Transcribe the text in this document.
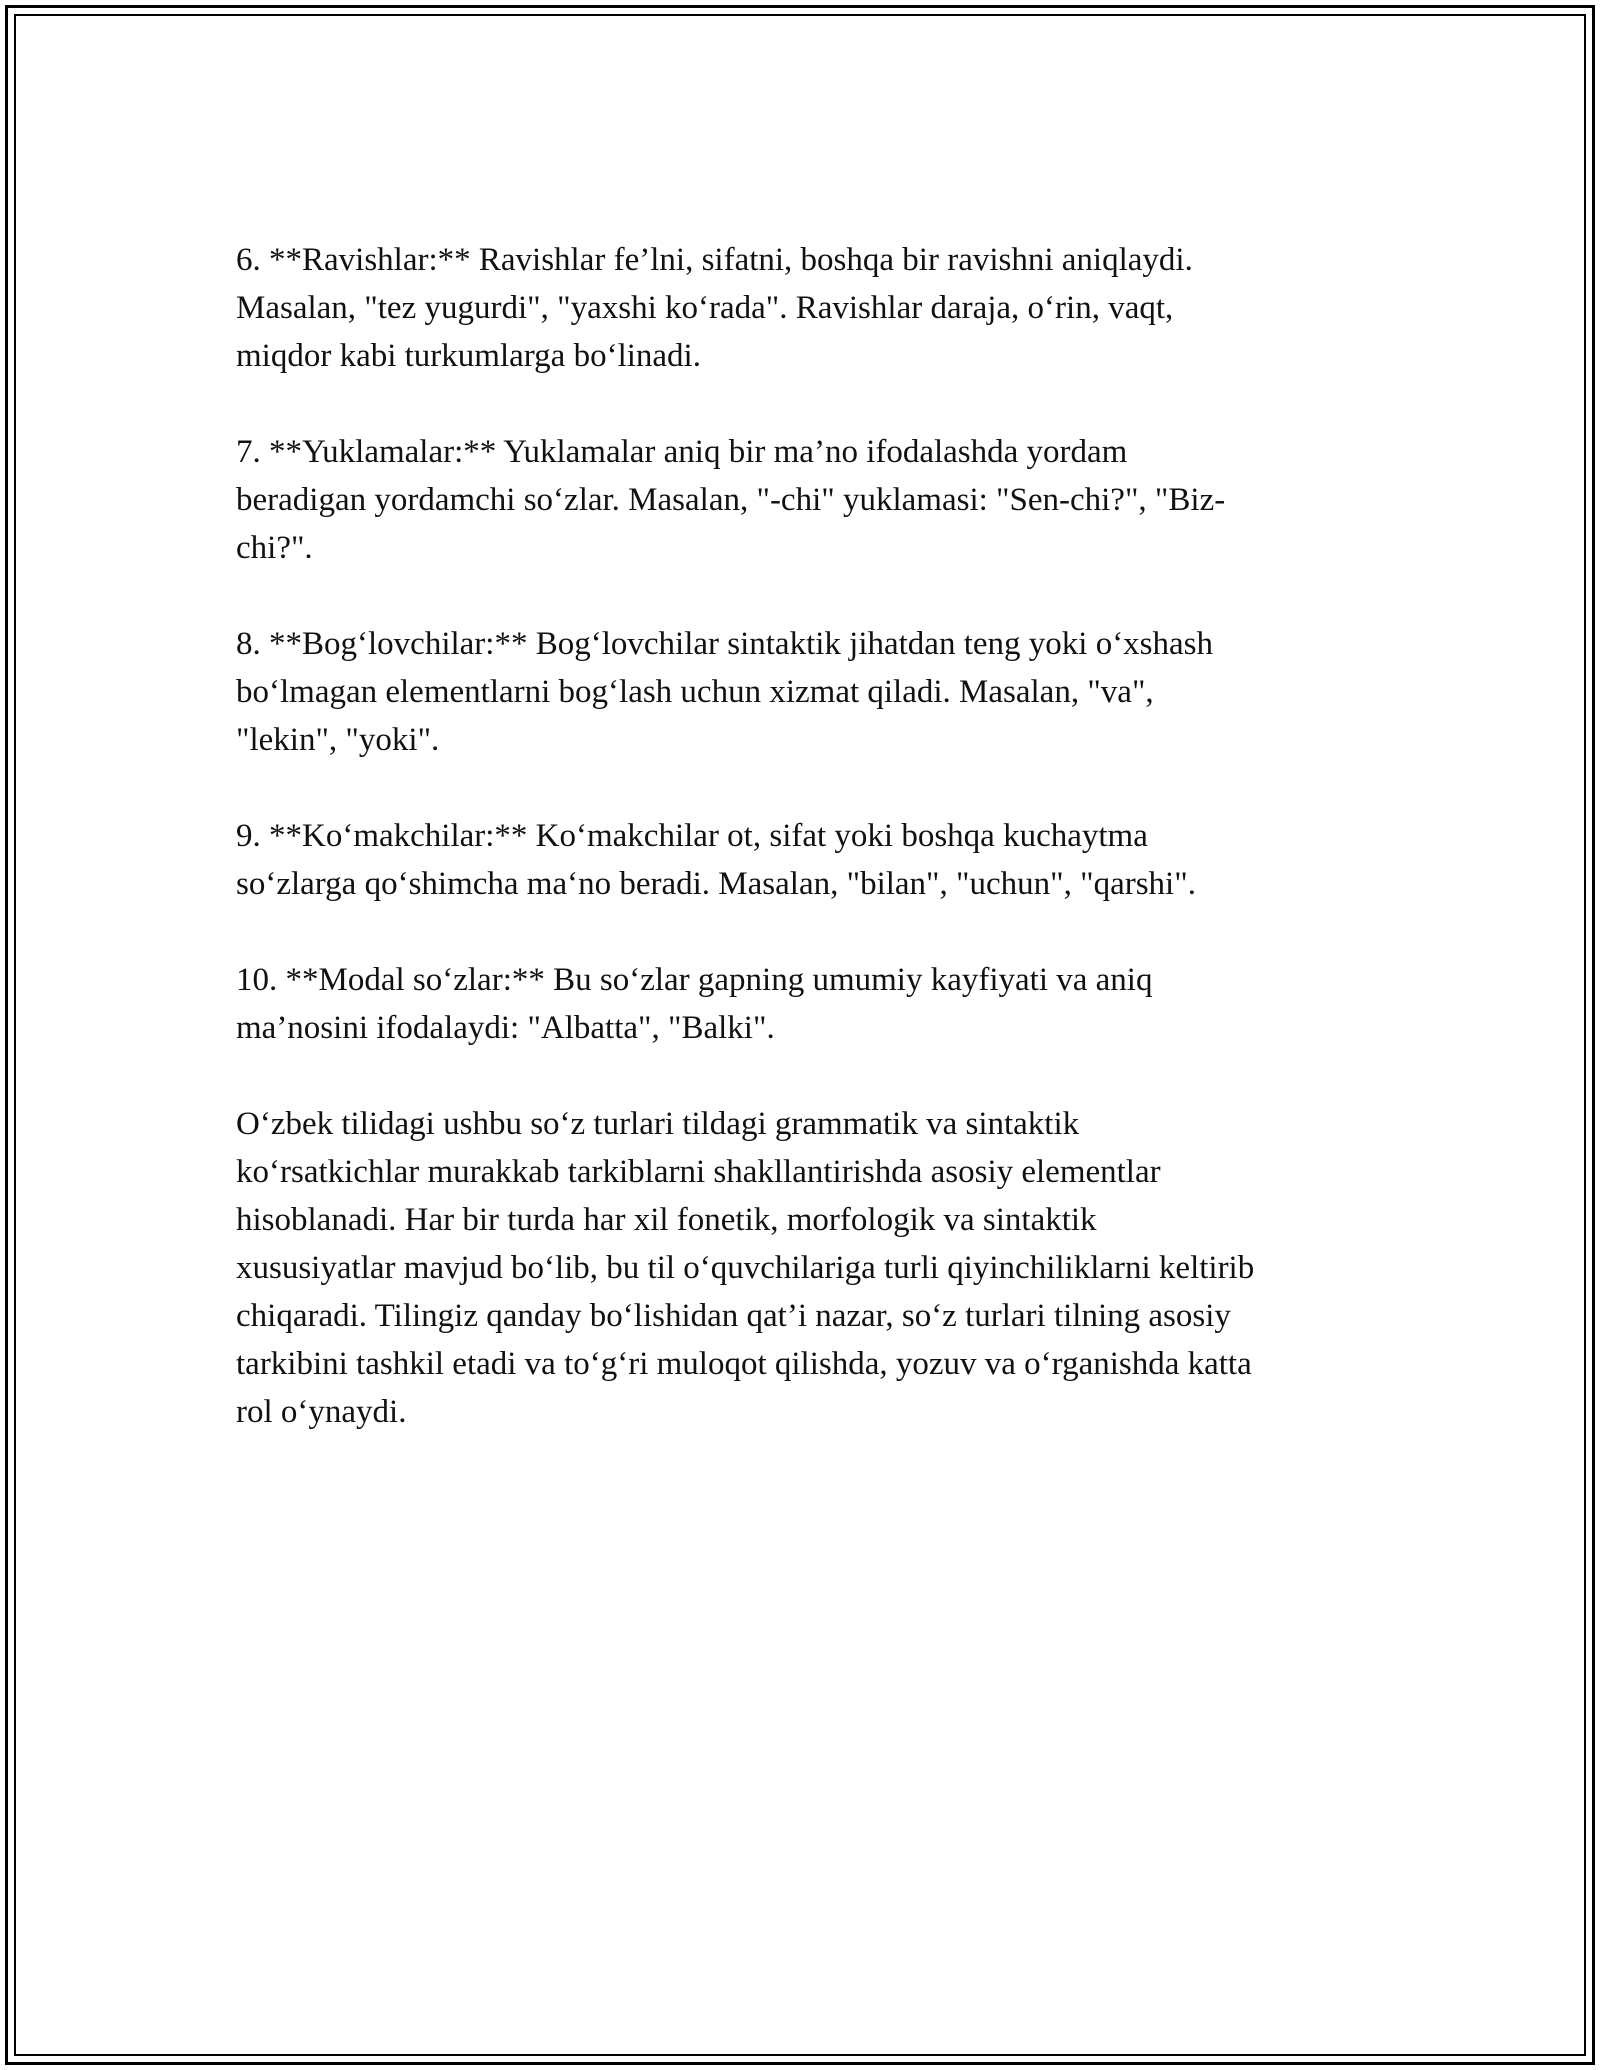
6. **Ravishlar:** Ravishlar fe’lni, sifatni, boshqa bir ravishni aniqlaydi.
Masalan, "tez yugurdi", "yaxshi ko‘rada". Ravishlar daraja, o‘rin, vaqt,
miqdor kabi turkumlarga bo‘linadi.

7. **Yuklamalar:** Yuklamalar aniq bir ma’no ifodalashda yordam
beradigan yordamchi so‘zlar. Masalan, "-chi" yuklamasi: "Sen-chi?", "Biz-
chi?".

8. **Bog‘lovchilar:** Bog‘lovchilar sintaktik jihatdan teng yoki o‘xshash
bo‘lmagan elementlarni bog‘lash uchun xizmat qiladi. Masalan, "va",
"lekin", "yoki".

9. **Ko‘makchilar:** Ko‘makchilar ot, sifat yoki boshqa kuchaytma
so‘zlarga qo‘shimcha ma‘no beradi. Masalan, "bilan", "uchun", "qarshi".

10. **Modal so‘zlar:** Bu so‘zlar gapning umumiy kayfiyati va aniq
ma’nosini ifodalaydi: "Albatta", "Balki".

O‘zbek tilidagi ushbu so‘z turlari tildagi grammatik va sintaktik
ko‘rsatkichlar murakkab tarkiblarni shakllantirishda asosiy elementlar
hisoblanadi. Har bir turda har xil fonetik, morfologik va sintaktik
xususiyatlar mavjud bo‘lib, bu til o‘quvchilariga turli qiyinchiliklarni keltirib
chiqaradi. Tilingiz qanday bo‘lishidan qat’i nazar, so‘z turlari tilning asosiy
tarkibini tashkil etadi va to‘g‘ri muloqot qilishda, yozuv va o‘rganishda katta
rol o‘ynaydi.
